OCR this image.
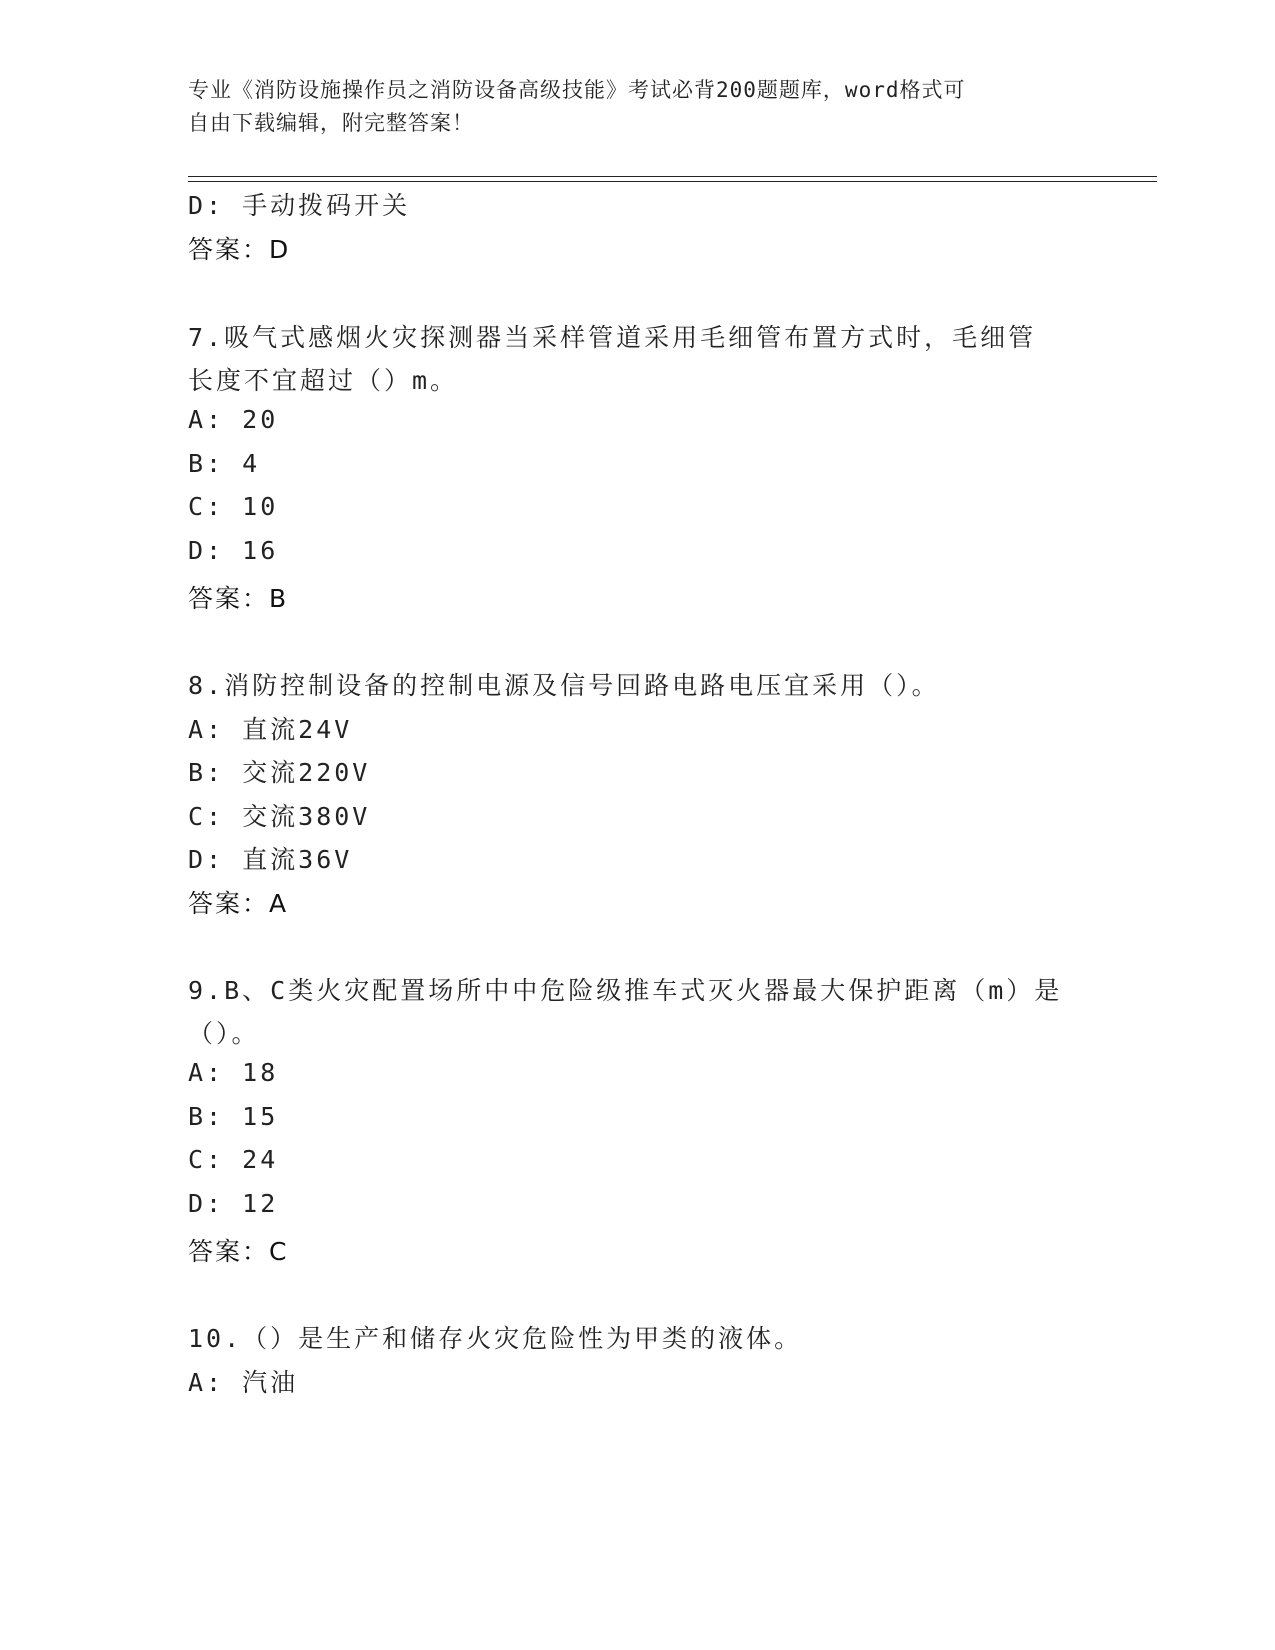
专业《消防设施操作员之消防设备高级技能》考试必背200题题库，word格式可
自由下载编辑，附完整答案！
D: 手动拨码开关
答案：D
7.吸气式感烟火灾探测器当采样管道采用毛细管布置方式时，毛细管
长度不宜超过（）m。
A: 20
B: 4
C: 10
D: 16
答案：B
8.消防控制设备的控制电源及信号回路电路电压宜采用（）。
A: 直流24V
B: 交流220V
C: 交流380V
D: 直流36V
答案：A
9.B、C类火灾配置场所中中危险级推车式灭火器最大保护距离（m）是
（）。
A: 18
B: 15
C: 24
D: 12
答案：C
10.（）是生产和储存火灾危险性为甲类的液体。
A: 汽油
